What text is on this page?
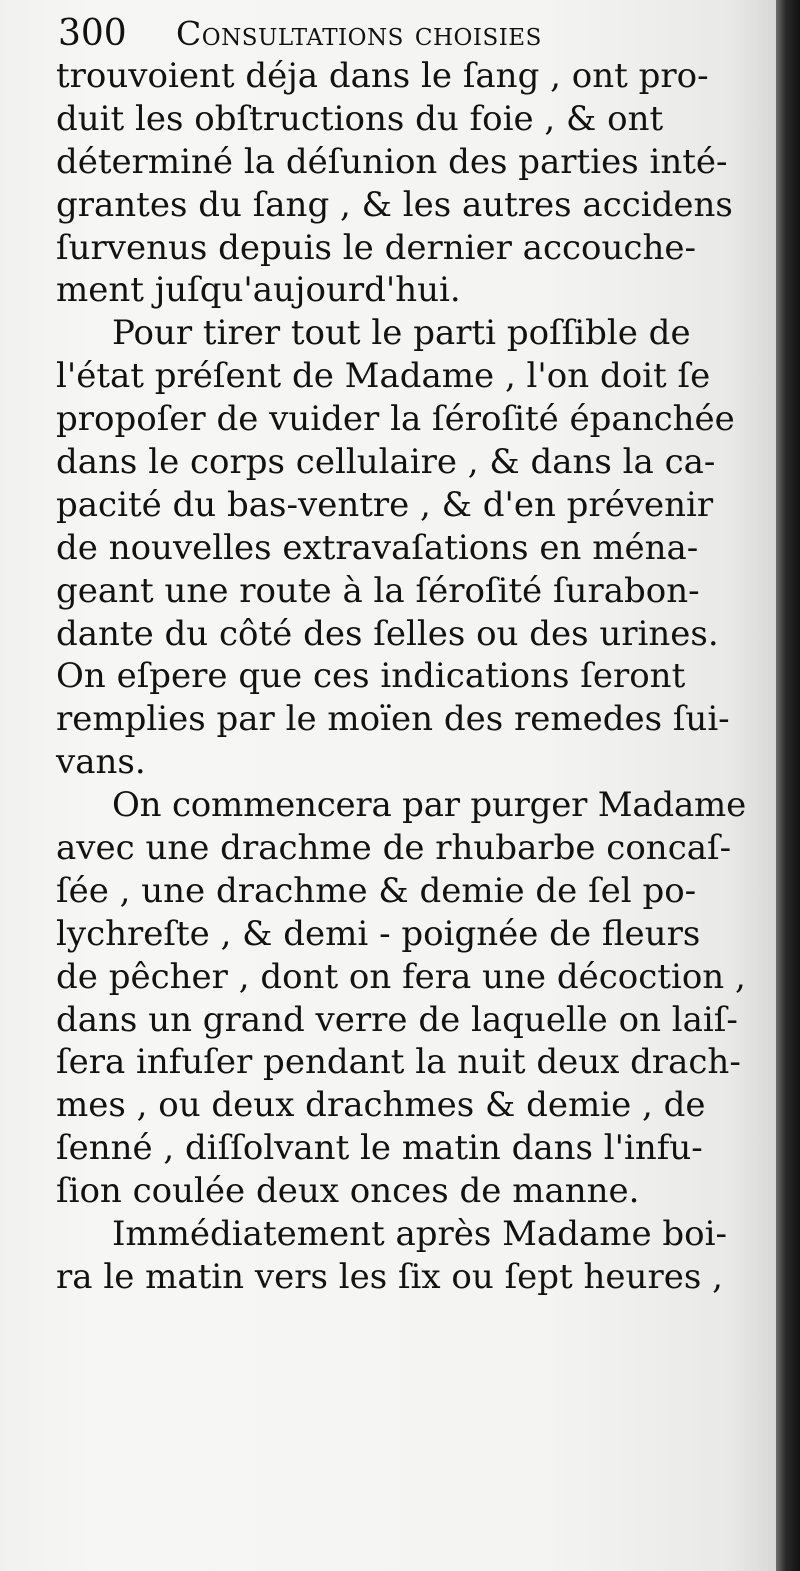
300 Consultations choisies
trouvoient déja dans le ſang , ont pro-
duit les obſtructions du foie , & ont
déterminé la déſunion des parties inté-
grantes du ſang , & les autres accidens
ſurvenus depuis le dernier accouche-
ment juſqu'aujourd'hui.
Pour tirer tout le parti poſſible de
l'état préſent de Madame , l'on doit ſe
propoſer de vuider la ſéroſité épanchée
dans le corps cellulaire , & dans la ca-
pacité du bas-ventre , & d'en prévenir
de nouvelles extravaſations en ména-
geant une route à la ſéroſité ſurabon-
dante du côté des ſelles ou des urines.
On eſpere que ces indications ſeront
remplies par le moïen des remedes ſui-
vans.
On commencera par purger Madame
avec une drachme de rhubarbe concaſ-
ſée , une drachme & demie de ſel po-
lychreſte , & demi - poignée de fleurs
de pêcher , dont on fera une décoction ,
dans un grand verre de laquelle on laiſ-
ſera infuſer pendant la nuit deux drach-
mes , ou deux drachmes & demie , de
ſenné , diſſolvant le matin dans l'infu-
ſion coulée deux onces de manne.
Immédiatement après Madame boi-
ra le matin vers les ſix ou ſept heures ,
